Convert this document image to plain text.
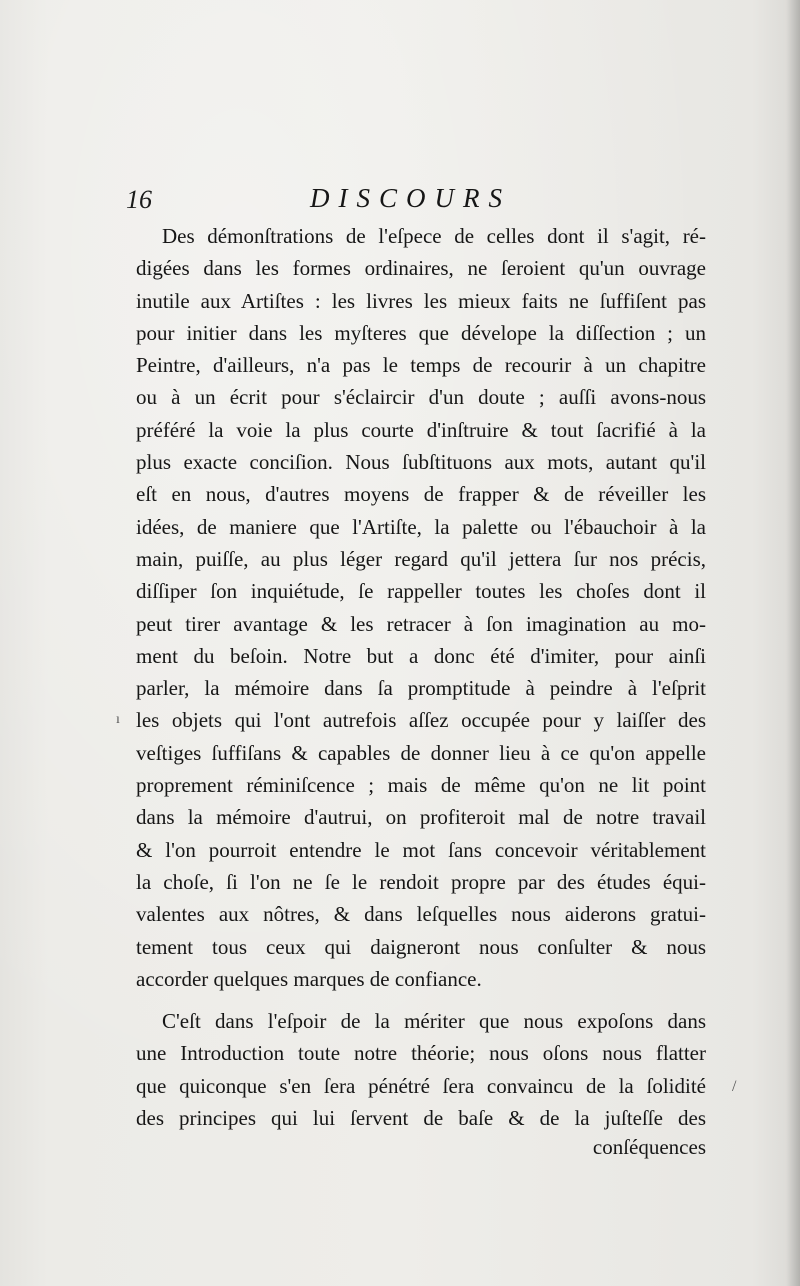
16	DISCOURS
Des démonſtrations de l'eſpece de celles dont il s'agit, ré-
digées dans les formes ordinaires, ne ſeroient qu'un ouvrage
inutile aux Artiſtes : les livres les mieux faits ne ſuffiſent pas
pour initier dans les myſteres que dévelope la diſſection ; un
Peintre, d'ailleurs, n'a pas le temps de recourir à un chapitre
ou à un écrit pour s'éclaircir d'un doute ; auſſi avons-nous
préféré la voie la plus courte d'inſtruire & tout ſacrifié à la
plus exacte conciſion. Nous ſubſtituons aux mots, autant qu'il
eſt en nous, d'autres moyens de frapper & de réveiller les
idées, de maniere que l'Artiſte, la palette ou l'ébauchoir à la
main, puiſſe, au plus léger regard qu'il jettera ſur nos précis,
diſſiper ſon inquiétude, ſe rappeller toutes les choſes dont il
peut tirer avantage & les retracer à ſon imagination au mo-
ment du beſoin. Notre but a donc été d'imiter, pour ainſi
parler, la mémoire dans ſa promptitude à peindre à l'eſprit
les objets qui l'ont autrefois aſſez occupée pour y laiſſer des
veſtiges ſuffiſans & capables de donner lieu à ce qu'on appelle
proprement réminiſcence ; mais de même qu'on ne lit point
dans la mémoire d'autrui, on profiteroit mal de notre travail
& l'on pourroit entendre le mot ſans concevoir véritablement
la choſe, ſi l'on ne ſe le rendoit propre par des études équi-
valentes aux nôtres, & dans leſquelles nous aiderons gratui-
tement tous ceux qui daigneront nous conſulter & nous
accorder quelques marques de confiance.
C'eſt dans l'eſpoir de la mériter que nous expoſons dans
une Introduction toute notre théorie; nous oſons nous flatter
que quiconque s'en ſera pénétré ſera convaincu de la ſolidité
des principes qui lui ſervent de baſe & de la juſteſſe des
conſéquences
ı
/
